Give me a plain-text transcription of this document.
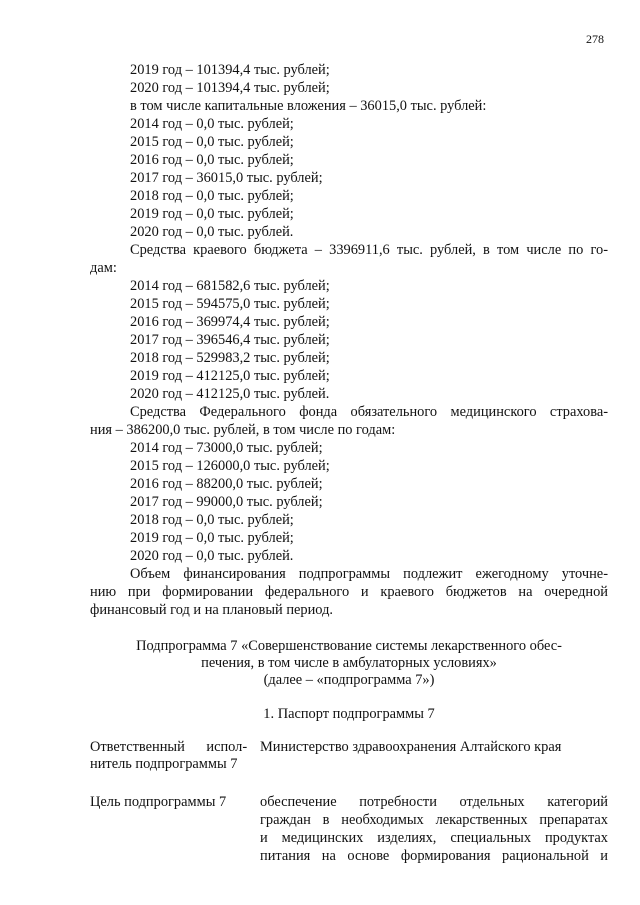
278
2019 год – 101394,4 тыс. рублей;
2020 год – 101394,4 тыс. рублей;
в том числе капитальные вложения – 36015,0 тыс. рублей:
2014 год – 0,0 тыс. рублей;
2015 год – 0,0 тыс. рублей;
2016 год – 0,0 тыс. рублей;
2017 год – 36015,0 тыс. рублей;
2018 год – 0,0 тыс. рублей;
2019 год – 0,0 тыс. рублей;
2020 год – 0,0 тыс. рублей.
Средства краевого бюджета – 3396911,6 тыс. рублей, в том числе по го-
дам:
2014 год – 681582,6 тыс. рублей;
2015 год – 594575,0 тыс. рублей;
2016 год – 369974,4 тыс. рублей;
2017 год – 396546,4 тыс. рублей;
2018 год – 529983,2 тыс. рублей;
2019 год – 412125,0 тыс. рублей;
2020 год – 412125,0 тыс. рублей.
Средства Федерального фонда обязательного медицинского страхова-
ния – 386200,0 тыс. рублей, в том числе по годам:
2014 год – 73000,0 тыс. рублей;
2015 год – 126000,0 тыс. рублей;
2016 год – 88200,0 тыс. рублей;
2017 год – 99000,0 тыс. рублей;
2018 год – 0,0 тыс. рублей;
2019 год – 0,0 тыс. рублей;
2020 год – 0,0 тыс. рублей.
Объем финансирования подпрограммы подлежит ежегодному уточне-
нию при формировании федерального и краевого бюджетов на очередной
финансовый год и на плановый период.
Подпрограмма 7 «Совершенствование системы лекарственного обес-
печения, в том числе в амбулаторных условиях»
(далее – «подпрограмма 7»)
1. Паспорт подпрограммы 7
Ответственный      испол-
нитель подпрограммы 7
Министерство здравоохранения Алтайского края
Цель подпрограммы 7 обеспечение потребности отдельных категорий
граждан в необходимых лекарственных препаратах
и медицинских изделиях, специальных продуктах
питания на основе формирования рациональной и
